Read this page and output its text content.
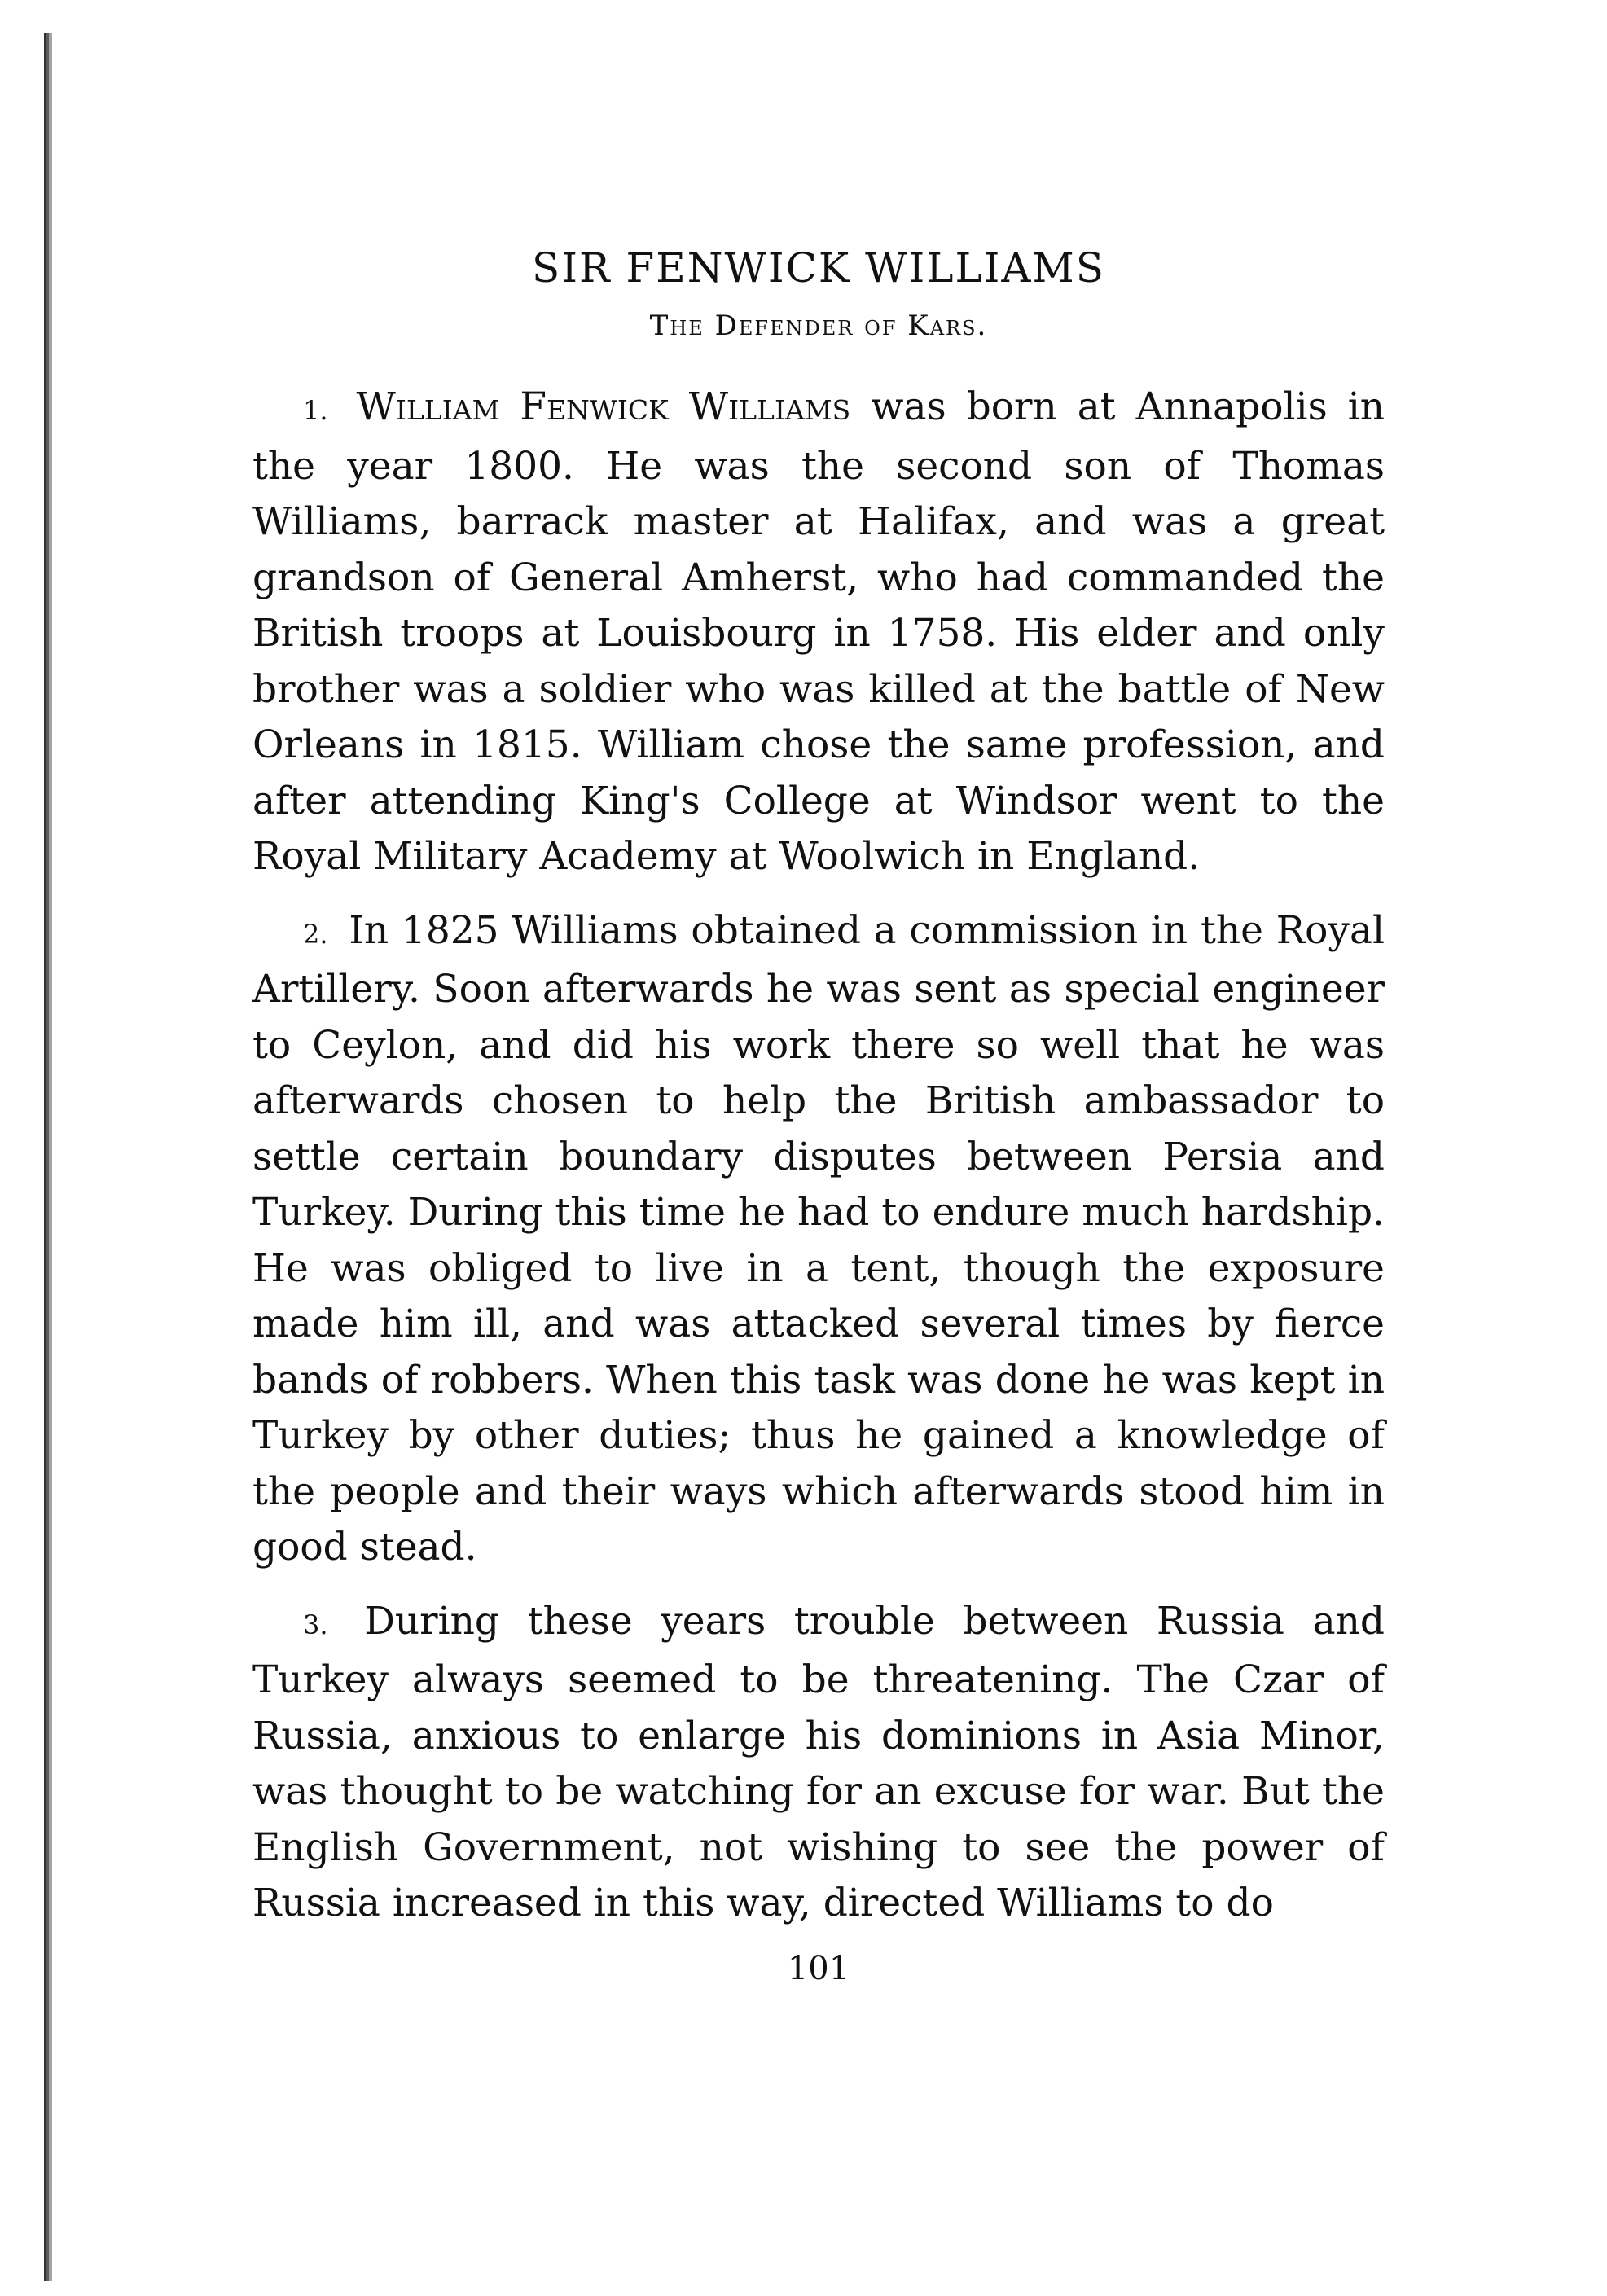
SIR FENWICK WILLIAMS
The Defender of Kars.

1. William Fenwick Williams was born at Annapolis in the year 1800. He was the second son of Thomas Williams, barrack master at Halifax, and was a great grandson of General Amherst, who had commanded the British troops at Louisbourg in 1758. His elder and only brother was a soldier who was killed at the battle of New Orleans in 1815. William chose the same profession, and after attending King's College at Windsor went to the Royal Military Academy at Woolwich in England.

2. In 1825 Williams obtained a commission in the Royal Artillery. Soon afterwards he was sent as special engineer to Ceylon, and did his work there so well that he was afterwards chosen to help the British ambassador to settle certain boundary disputes between Persia and Turkey. During this time he had to endure much hardship. He was obliged to live in a tent, though the exposure made him ill, and was attacked several times by fierce bands of robbers. When this task was done he was kept in Turkey by other duties; thus he gained a knowledge of the people and their ways which afterwards stood him in good stead.

3. During these years trouble between Russia and Turkey always seemed to be threatening. The Czar of Russia, anxious to enlarge his dominions in Asia Minor, was thought to be watching for an excuse for war. But the English Government, not wishing to see the power of Russia increased in this way, directed Williams to do

101
